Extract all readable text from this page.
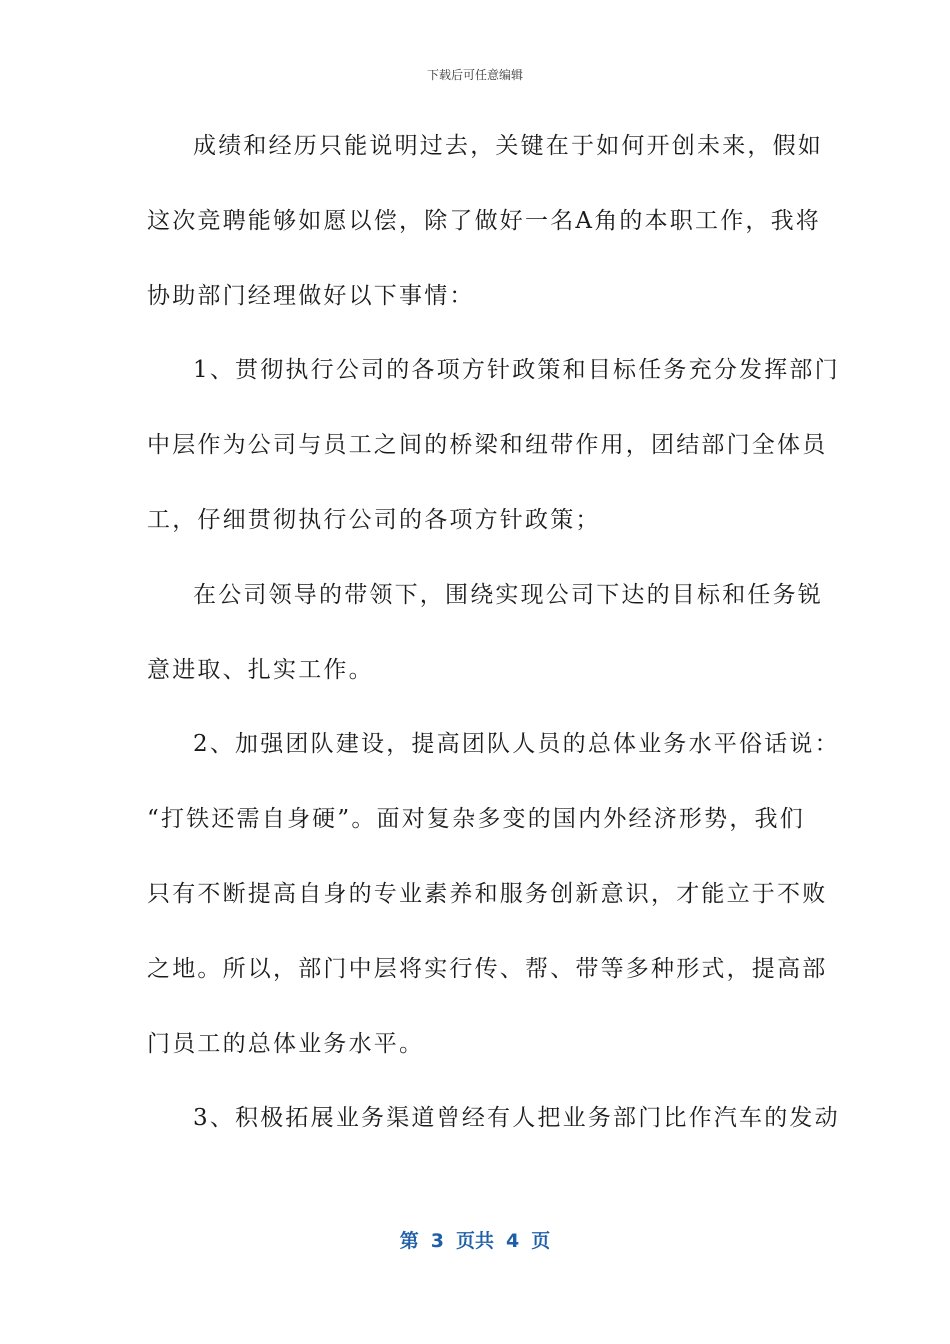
下载后可任意编辑
成绩和经历只能说明过去，关键在于如何开创未来，假如
这次竞聘能够如愿以偿，除了做好一名A角的本职工作，我将
协助部门经理做好以下事情：
1、贯彻执行公司的各项方针政策和目标任务充分发挥部门
中层作为公司与员工之间的桥梁和纽带作用，团结部门全体员
工，仔细贯彻执行公司的各项方针政策；
在公司领导的带领下，围绕实现公司下达的目标和任务锐
意进取、扎实工作。
2、加强团队建设，提高团队人员的总体业务水平俗话说：
“打铁还需自身硬”。面对复杂多变的国内外经济形势，我们
只有不断提高自身的专业素养和服务创新意识，才能立于不败
之地。所以，部门中层将实行传、帮、带等多种形式，提高部
门员工的总体业务水平。
3、积极拓展业务渠道曾经有人把业务部门比作汽车的发动
第 3 页共 4 页
